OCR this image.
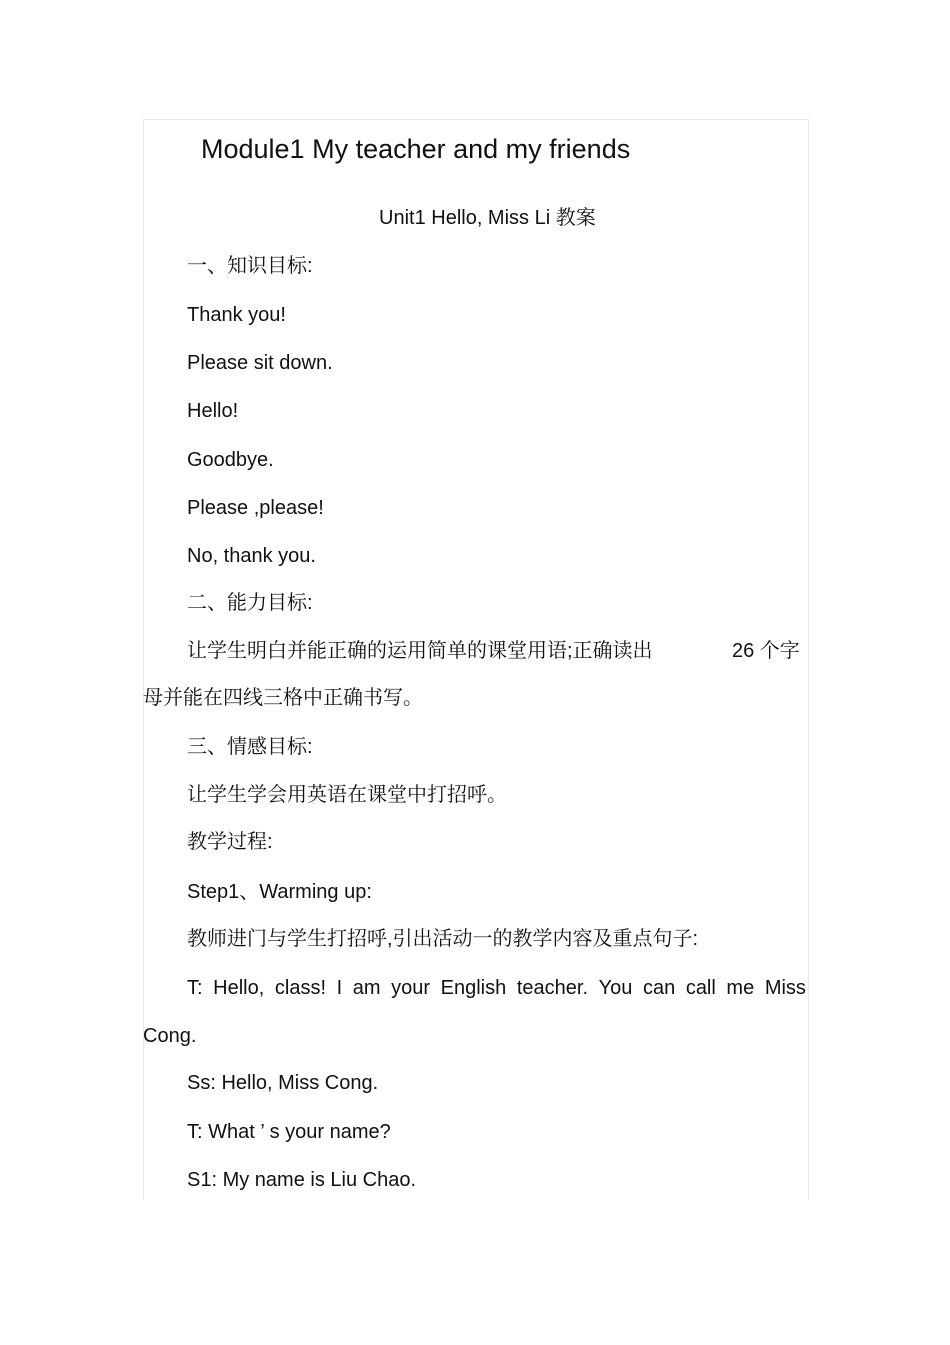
Module1 My teacher and my friends
Unit1 Hello, Miss Li 教案
一、知识目标:
Thank you!
Please sit down.
Hello!
Goodbye.
Please ,please!
No, thank you.
二、能力目标:
让学生明白并能正确的运用简单的课堂用语;正确读出	26 个字
母并能在四线三格中正确书写。
三、情感目标:
让学生学会用英语在课堂中打招呼。
教学过程:
Step1、Warming up:
教师进门与学生打招呼,引出活动一的教学内容及重点句子:
T: Hello, class! I am your English teacher. You can call me Miss
Cong.
Ss: Hello, Miss Cong.
T: What ’ s your name?
S1: My name is Liu Chao.
